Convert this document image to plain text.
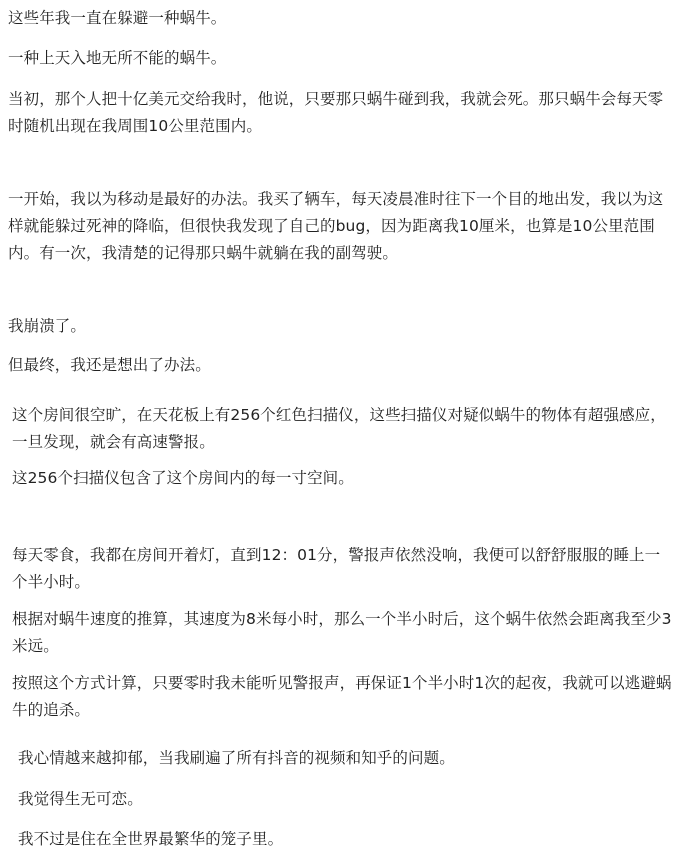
这些年我一直在躲避一种蜗牛。

一种上天入地无所不能的蜗牛。

当初，那个人把十亿美元交给我时，他说，只要那只蜗牛碰到我，我就会死。那只蜗牛会每天零时随机出现在我周围10公里范围内。

一开始，我以为移动是最好的办法。我买了辆车，每天凌晨准时往下一个目的地出发，我以为这样就能躲过死神的降临，但很快我发现了自己的bug，因为距离我10厘米，也算是10公里范围内。有一次，我清楚的记得那只蜗牛就躺在我的副驾驶。

我崩溃了。

但最终，我还是想出了办法。

这个房间很空旷，在天花板上有256个红色扫描仪，这些扫描仪对疑似蜗牛的物体有超强感应，一旦发现，就会有高速警报。

这256个扫描仪包含了这个房间内的每一寸空间。

每天零食，我都在房间开着灯，直到12：01分，警报声依然没响，我便可以舒舒服服的睡上一个半小时。

根据对蜗牛速度的推算，其速度为8米每小时，那么一个半小时后，这个蜗牛依然会距离我至少3米远。

按照这个方式计算，只要零时我未能听见警报声，再保证1个半小时1次的起夜，我就可以逃避蜗牛的追杀。

我心情越来越抑郁，当我刷遍了所有抖音的视频和知乎的问题。

我觉得生无可恋。

我不过是住在全世界最繁华的笼子里。
